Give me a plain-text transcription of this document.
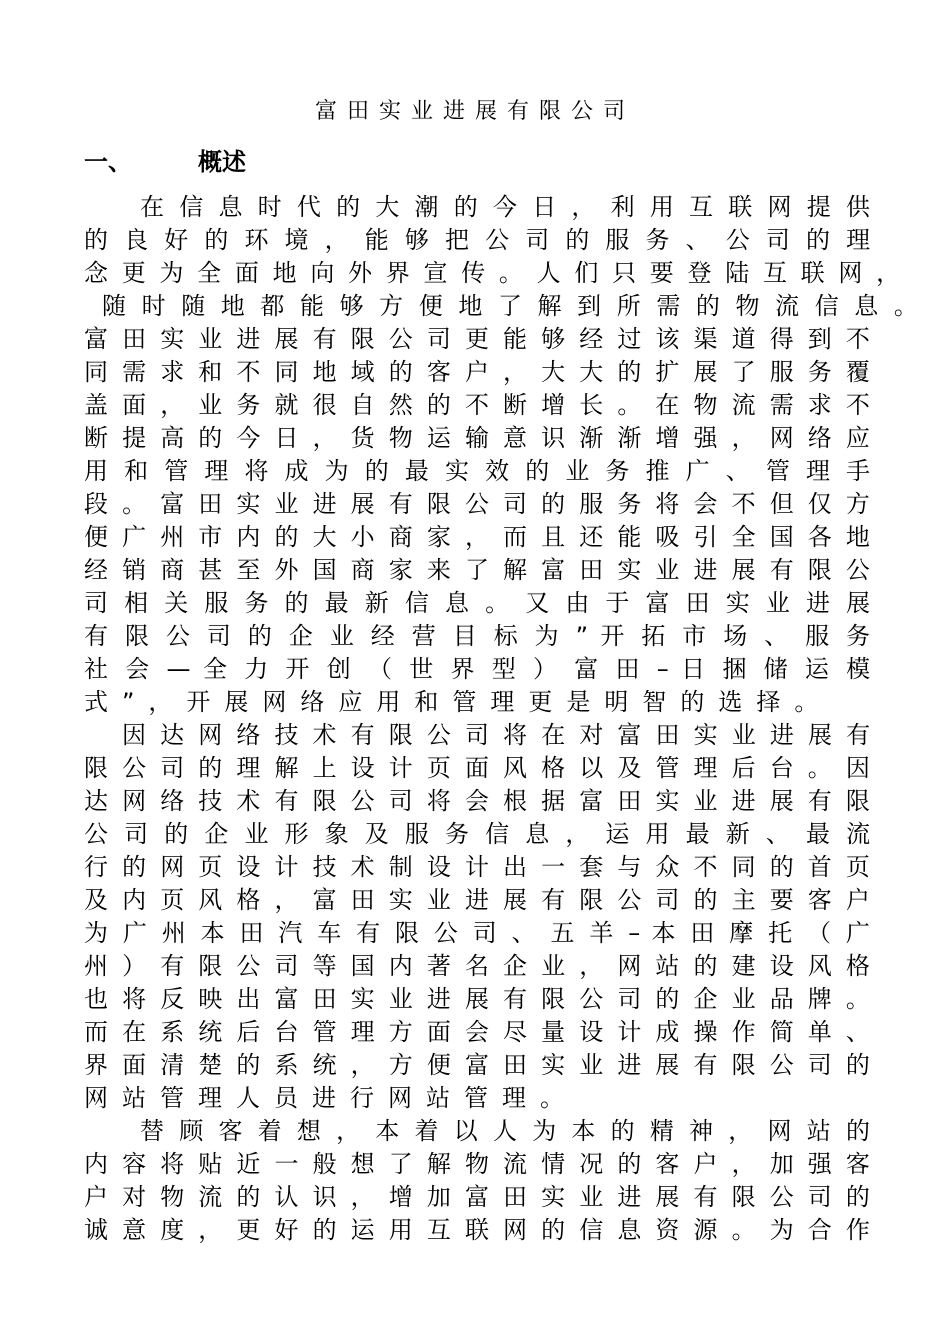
富田实业进展有限公司
一、	概述
在 信 息 时 代 的 大 潮 的 今 日 ， 利 用 互 联 网 提 供
的 良 好 的 环 境 ， 能 够 把 公 司 的 服 务 、 公 司 的 理
念 更 为 全 面 地 向 外 界 宣 传 。 人 们 只 要 登 陆 互 联 网 ，
随 时 随 地 都 能 够 方 便 地 了 解 到 所 需 的 物 流 信 息 。
富 田 实 业 进 展 有 限 公 司 更 能 够 经 过 该 渠 道 得 到 不
同 需 求 和 不 同 地 域 的 客 户 ， 大 大 的 扩 展 了 服 务 覆
盖 面 ， 业 务 就 很 自 然 的 不 断 增 长 。 在 物 流 需 求 不
断 提 高 的 今 日 ， 货 物 运 输 意 识 渐 渐 增 强 ， 网 络 应
用 和 管 理 将 成 为 的 最 实 效 的 业 务 推 广 、 管 理 手
段 。 富 田 实 业 进 展 有 限 公 司 的 服 务 将 会 不 但 仅 方
便 广 州 市 内 的 大 小 商 家 ， 而 且 还 能 吸 引 全 国 各 地
经 销 商 甚 至 外 国 商 家 来 了 解 富 田 实 业 进 展 有 限 公
司 相 关 服 务 的 最 新 信 息 。 又 由 于 富 田 实 业 进 展
有 限 公 司 的 企 业 经 营 目 标 为 ” 开 拓 市 场 、 服 务
社 会 — 全 力 开 创 （ 世 界 型 ） 富 田 – 日 捆 储 运 模
式”，开展网络应用和管理更是明智的选择。
因 达 网 络 技 术 有 限 公 司 将 在 对 富 田 实 业 进 展 有
限 公 司 的 理 解 上 设 计 页 面 风 格 以 及 管 理 后 台 。 因
达 网 络 技 术 有 限 公 司 将 会 根 据 富 田 实 业 进 展 有 限
公 司 的 企 业 形 象 及 服 务 信 息 ， 运 用 最 新 、 最 流
行 的 网 页 设 计 技 术 制 设 计 出 一 套 与 众 不 同 的 首 页
及 内 页 风 格 ， 富 田 实 业 进 展 有 限 公 司 的 主 要 客 户
为 广 州 本 田 汽 车 有 限 公 司 、 五 羊 – 本 田 摩 托 （ 广
州 ） 有 限 公 司 等 国 内 著 名 企 业 ， 网 站 的 建 设 风 格
也 将 反 映 出 富 田 实 业 进 展 有 限 公 司 的 企 业 品 牌 。
而 在 系 统 后 台 管 理 方 面 会 尽 量 设 计 成 操 作 简 单 、
界 面 清 楚 的 系 统 ， 方 便 富 田 实 业 进 展 有 限 公 司 的
网站管理人员进行网站管理。
替 顾 客 着 想 ， 本 着 以 人 为 本 的 精 神 ， 网 站 的
内 容 将 贴 近 一 般 想 了 解 物 流 情 况 的 客 户 ， 加 强 客
户 对 物 流 的 认 识 ， 增 加 富 田 实 业 进 展 有 限 公 司 的
诚 意 度 ， 更 好 的 运 用 互 联 网 的 信 息 资 源 。 为 合 作
